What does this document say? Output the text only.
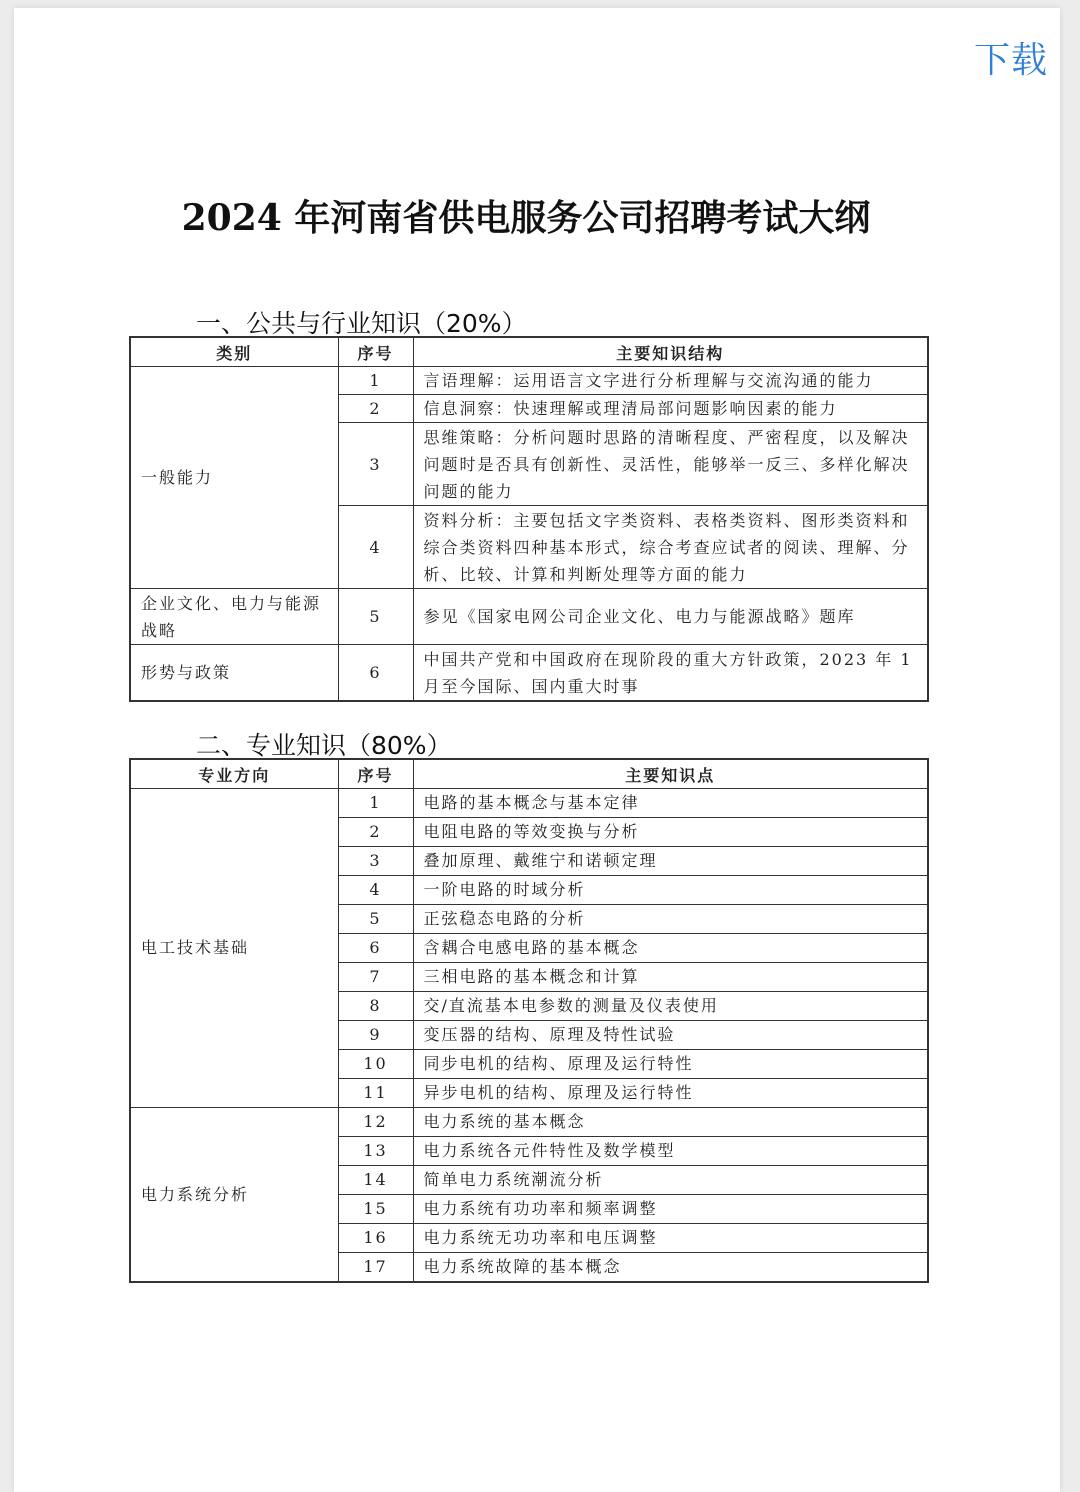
下载
2024 年河南省供电服务公司招聘考试大纲
一、公共与行业知识（20%）
类别	序号	主要知识结构
一般能力	1	言语理解：运用语言文字进行分析理解与交流沟通的能力
	2	信息洞察：快速理解或理清局部问题影响因素的能力
	3	思维策略：分析问题时思路的清晰程度、严密程度，以及解决问题时是否具有创新性、灵活性，能够举一反三、多样化解决问题的能力
	4	资料分析：主要包括文字类资料、表格类资料、图形类资料和综合类资料四种基本形式，综合考查应试者的阅读、理解、分析、比较、计算和判断处理等方面的能力
企业文化、电力与能源战略	5	参见《国家电网公司企业文化、电力与能源战略》题库
形势与政策	6	中国共产党和中国政府在现阶段的重大方针政策，2023 年 1 月至今国际、国内重大时事
二、专业知识（80%）
专业方向	序号	主要知识点
电工技术基础	1	电路的基本概念与基本定律
	2	电阻电路的等效变换与分析
	3	叠加原理、戴维宁和诺顿定理
	4	一阶电路的时域分析
	5	正弦稳态电路的分析
	6	含耦合电感电路的基本概念
	7	三相电路的基本概念和计算
	8	交/直流基本电参数的测量及仪表使用
	9	变压器的结构、原理及特性试验
	10	同步电机的结构、原理及运行特性
	11	异步电机的结构、原理及运行特性
电力系统分析	12	电力系统的基本概念
	13	电力系统各元件特性及数学模型
	14	简单电力系统潮流分析
	15	电力系统有功功率和频率调整
	16	电力系统无功功率和电压调整
	17	电力系统故障的基本概念
